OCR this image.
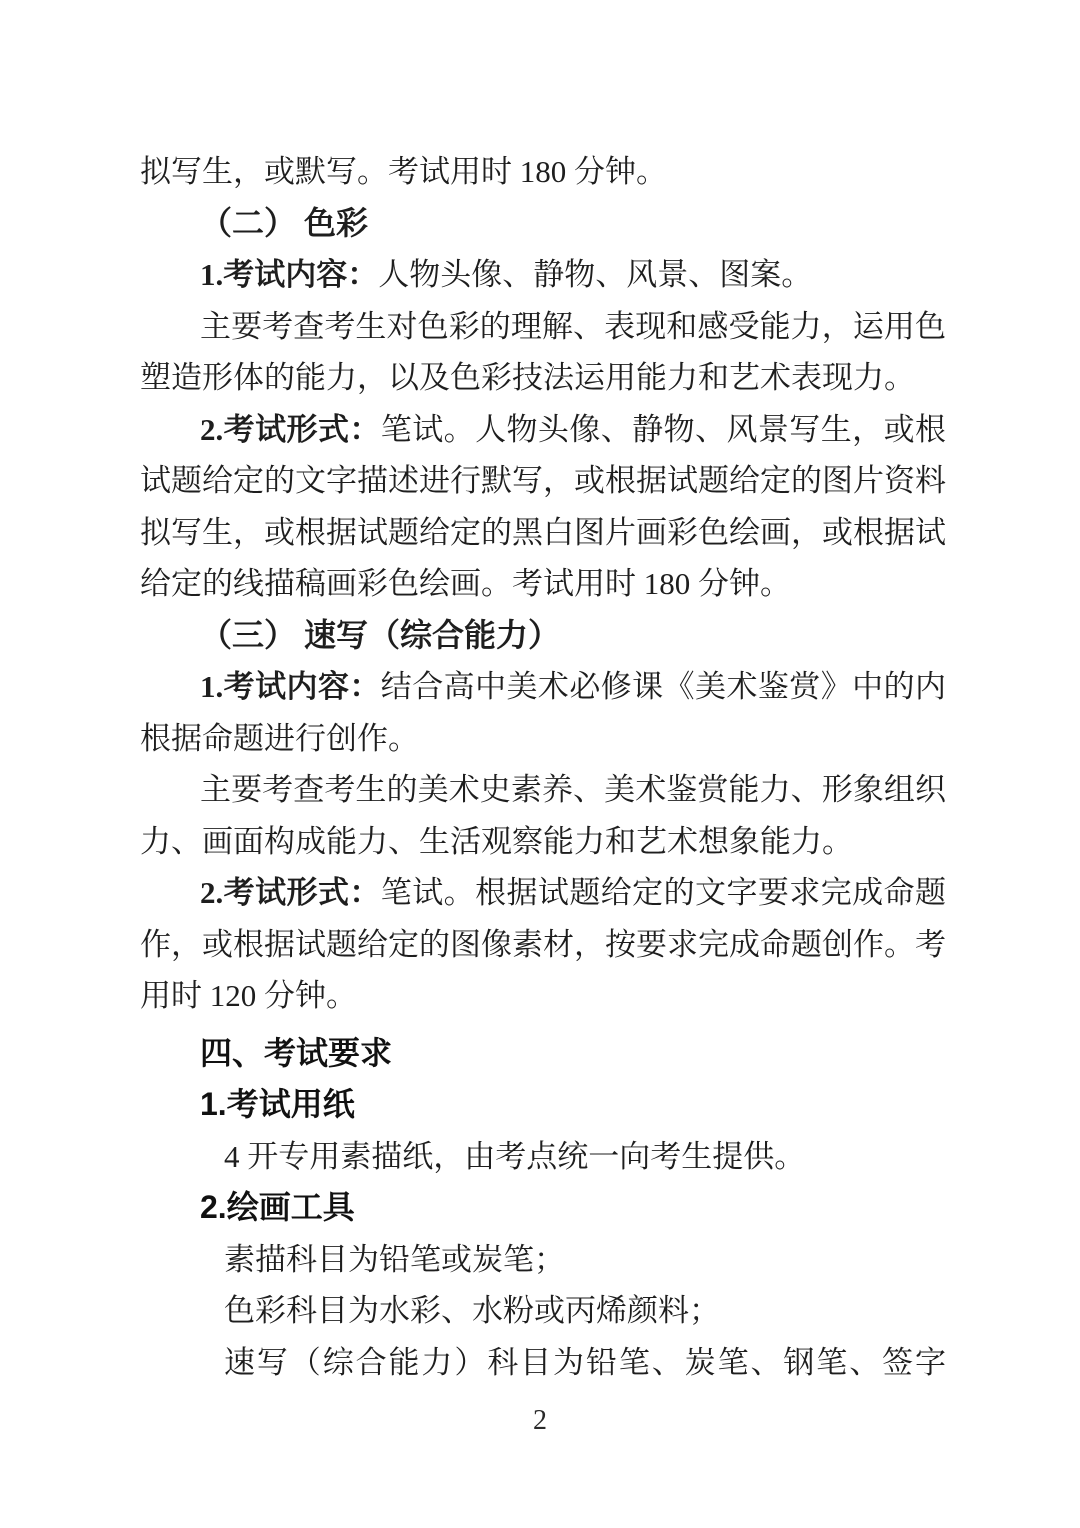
拟写生，或默写。考试用时 180 分钟。
（二） 色彩
1.考试内容：人物头像、静物、风景、图案。
主要考查考生对色彩的理解、表现和感受能力，运用色
塑造形体的能力，以及色彩技法运用能力和艺术表现力。
2.考试形式：笔试。人物头像、静物、风景写生，或根
试题给定的文字描述进行默写，或根据试题给定的图片资料
拟写生，或根据试题给定的黑白图片画彩色绘画，或根据试
给定的线描稿画彩色绘画。考试用时 180 分钟。
（三） 速写（综合能力）
1.考试内容：结合高中美术必修课《美术鉴赏》中的内
根据命题进行创作。
主要考查考生的美术史素养、美术鉴赏能力、形象组织
力、画面构成能力、生活观察能力和艺术想象能力。
2.考试形式：笔试。根据试题给定的文字要求完成命题
作，或根据试题给定的图像素材，按要求完成命题创作。考
用时 120 分钟。
四、考试要求
1.考试用纸
4 开专用素描纸，由考点统一向考生提供。
2.绘画工具
素描科目为铅笔或炭笔；
色彩科目为水彩、水粉或丙烯颜料；
速写（综合能力）科目为铅笔、炭笔、钢笔、签字
2
